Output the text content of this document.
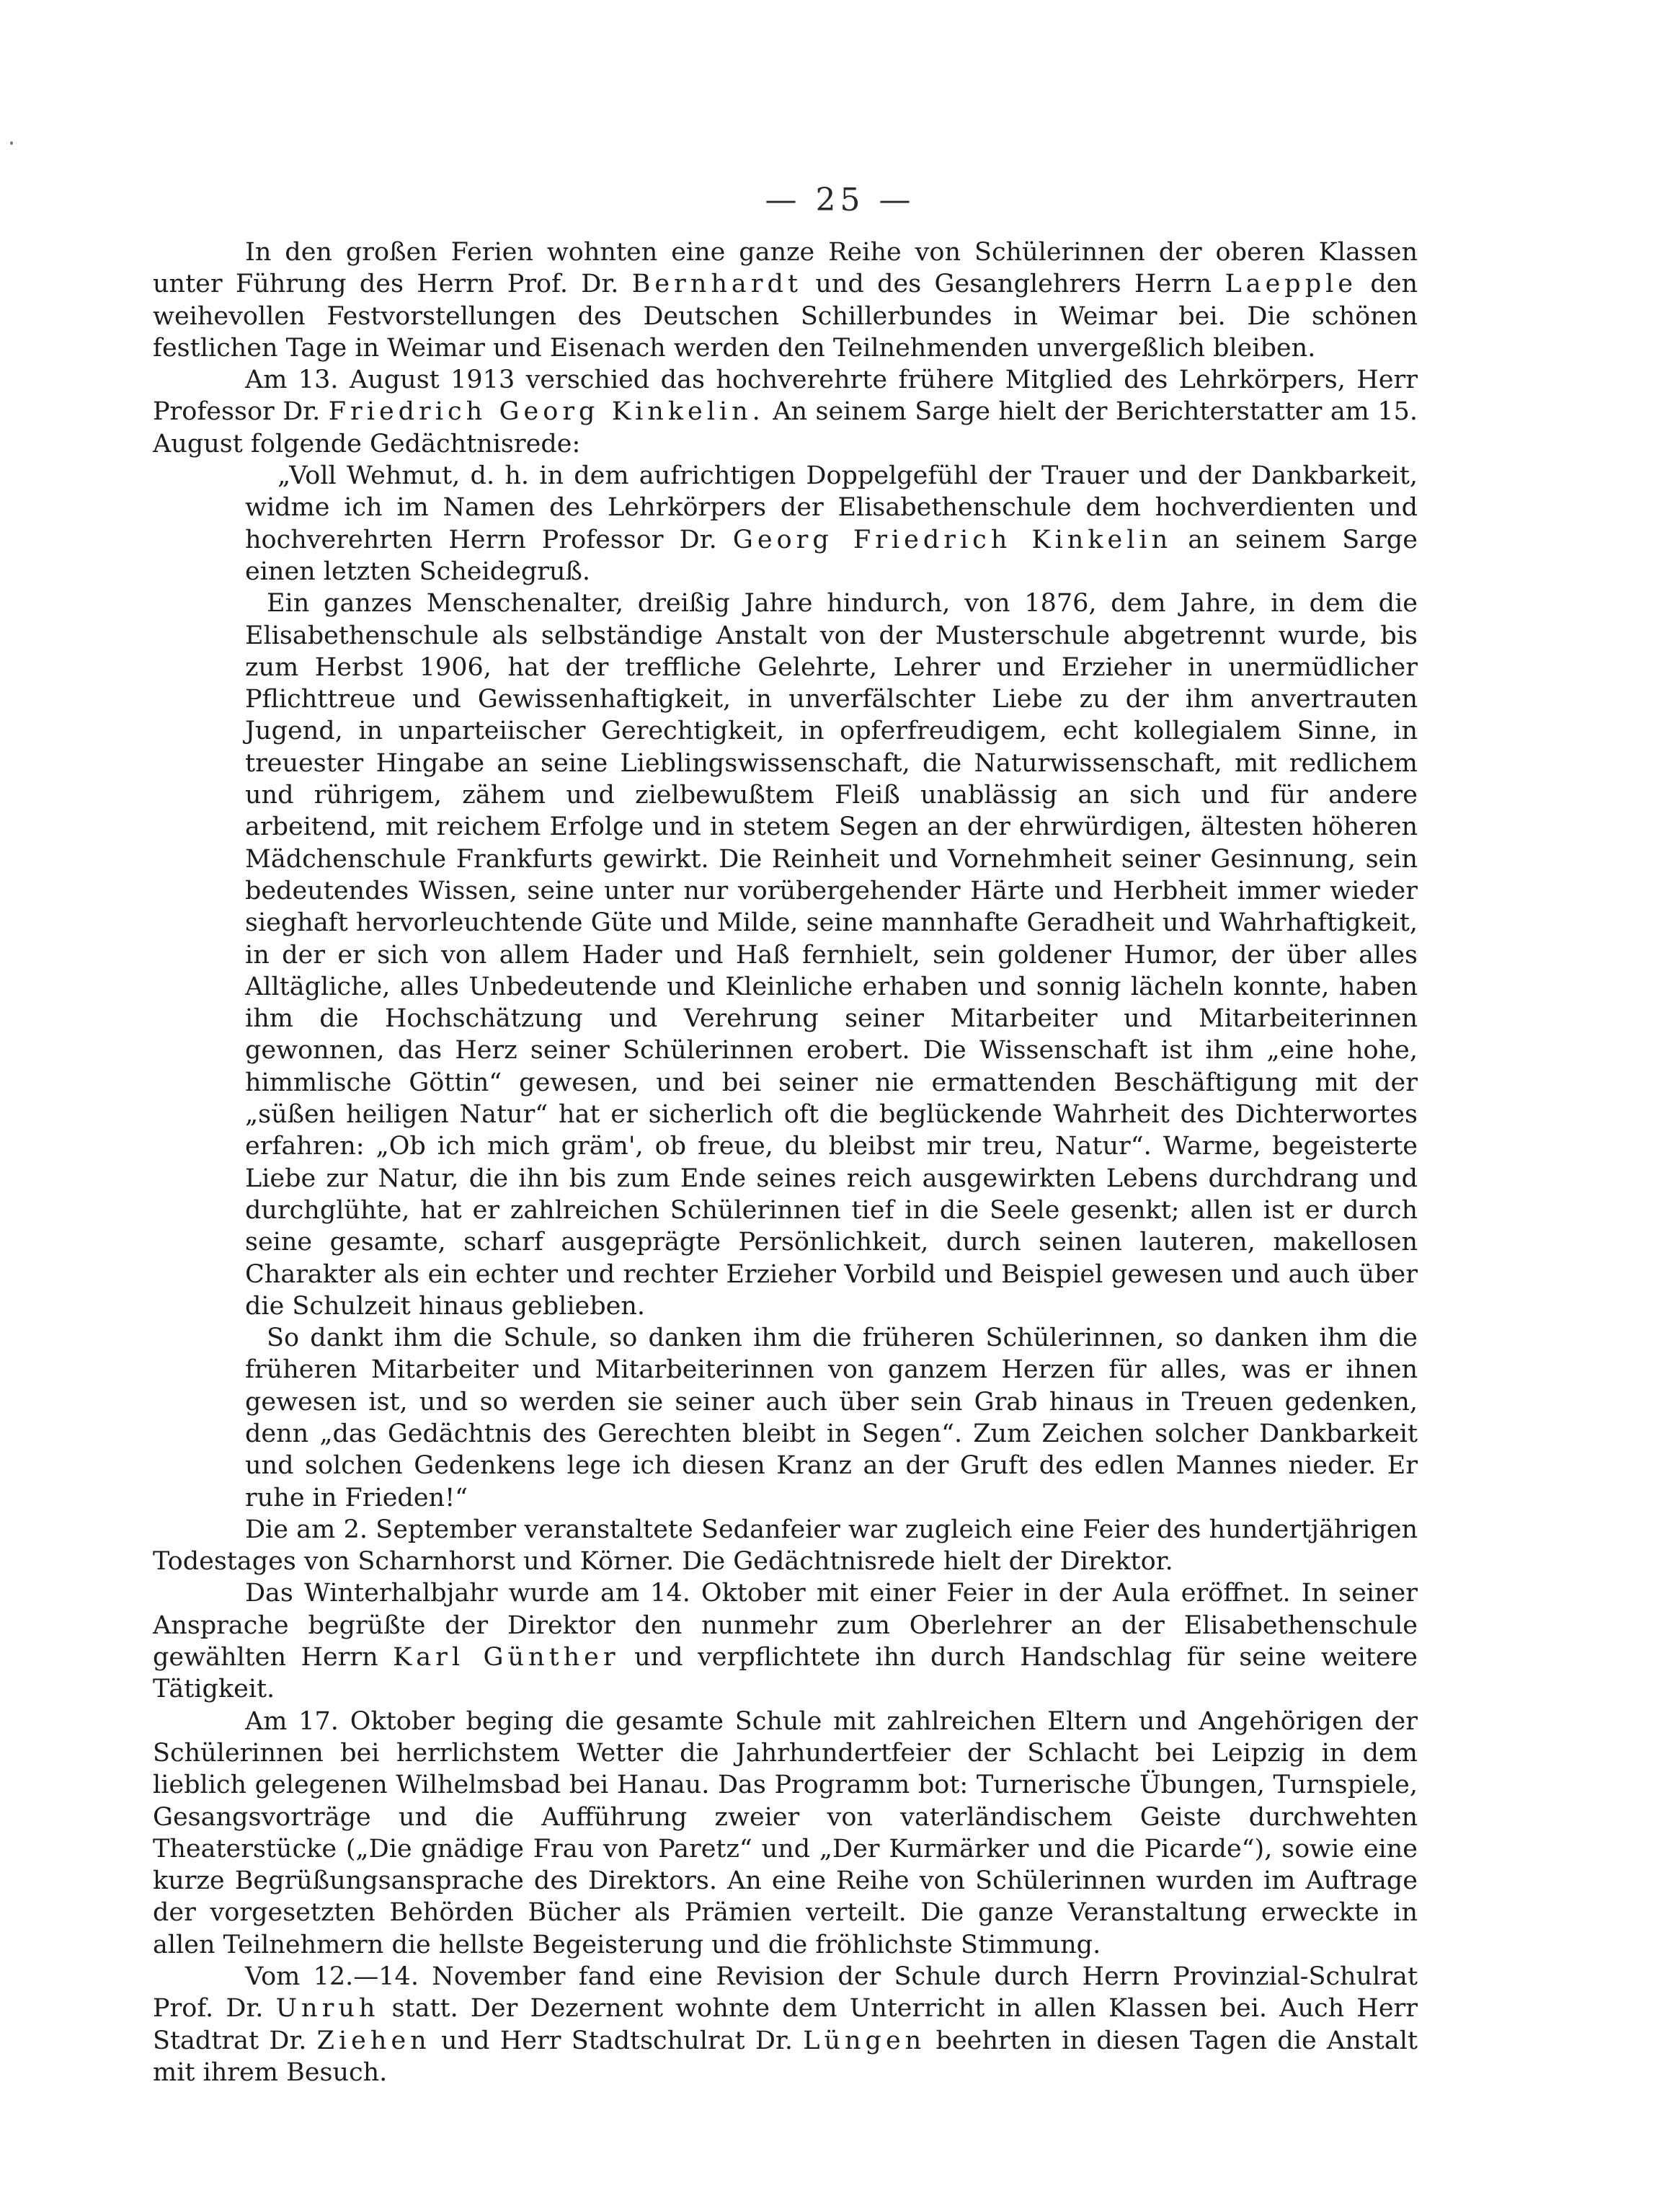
— 25 —

In den großen Ferien wohnten eine ganze Reihe von Schülerinnen der oberen Klassen unter Führung des Herrn Prof. Dr. Bernhardt und des Gesanglehrers Herrn Laepple den weihevollen Festvorstellungen des Deutschen Schillerbundes in Weimar bei. Die schönen festlichen Tage in Weimar und Eisenach werden den Teilnehmenden unvergeßlich bleiben.

Am 13. August 1913 verschied das hochverehrte frühere Mitglied des Lehrkörpers, Herr Professor Dr. Friedrich Georg Kinkelin. An seinem Sarge hielt der Berichterstatter am 15. August folgende Gedächtnisrede:

„Voll Wehmut, d. h. in dem aufrichtigen Doppelgefühl der Trauer und der Dankbarkeit, widme ich im Namen des Lehrkörpers der Elisabethenschule dem hochverdienten und hochverehrten Herrn Professor Dr. Georg Friedrich Kinkelin an seinem Sarge einen letzten Scheidegruß.

Ein ganzes Menschenalter, dreißig Jahre hindurch, von 1876, dem Jahre, in dem die Elisabethenschule als selbständige Anstalt von der Musterschule abgetrennt wurde, bis zum Herbst 1906, hat der treffliche Gelehrte, Lehrer und Erzieher in unermüdlicher Pflichttreue und Gewissenhaftigkeit, in unverfälschter Liebe zu der ihm anvertrauten Jugend, in unparteiischer Gerechtigkeit, in opferfreudigem, echt kollegialem Sinne, in treuester Hingabe an seine Lieblingswissenschaft, die Naturwissenschaft, mit redlichem und rührigem, zähem und zielbewußtem Fleiß unablässig an sich und für andere arbeitend, mit reichem Erfolge und in stetem Segen an der ehrwürdigen, ältesten höheren Mädchenschule Frankfurts gewirkt. Die Reinheit und Vornehmheit seiner Gesinnung, sein bedeutendes Wissen, seine unter nur vorübergehender Härte und Herbheit immer wieder sieghaft hervorleuchtende Güte und Milde, seine mannhafte Geradheit und Wahrhaftigkeit, in der er sich von allem Hader und Haß fernhielt, sein goldener Humor, der über alles Alltägliche, alles Unbedeutende und Kleinliche erhaben und sonnig lächeln konnte, haben ihm die Hochschätzung und Verehrung seiner Mitarbeiter und Mitarbeiterinnen gewonnen, das Herz seiner Schülerinnen erobert. Die Wissenschaft ist ihm „eine hohe, himmlische Göttin“ gewesen, und bei seiner nie ermattenden Beschäftigung mit der „süßen heiligen Natur“ hat er sicherlich oft die beglückende Wahrheit des Dichterwortes erfahren: „Ob ich mich gräm', ob freue, du bleibst mir treu, Natur“. Warme, begeisterte Liebe zur Natur, die ihn bis zum Ende seines reich ausgewirkten Lebens durchdrang und durchglühte, hat er zahlreichen Schülerinnen tief in die Seele gesenkt; allen ist er durch seine gesamte, scharf ausgeprägte Persönlichkeit, durch seinen lauteren, makellosen Charakter als ein echter und rechter Erzieher Vorbild und Beispiel gewesen und auch über die Schulzeit hinaus geblieben.

So dankt ihm die Schule, so danken ihm die früheren Schülerinnen, so danken ihm die früheren Mitarbeiter und Mitarbeiterinnen von ganzem Herzen für alles, was er ihnen gewesen ist, und so werden sie seiner auch über sein Grab hinaus in Treuen gedenken, denn „das Gedächtnis des Gerechten bleibt in Segen“. Zum Zeichen solcher Dankbarkeit und solchen Gedenkens lege ich diesen Kranz an der Gruft des edlen Mannes nieder. Er ruhe in Frieden!“

Die am 2. September veranstaltete Sedanfeier war zugleich eine Feier des hundertjährigen Todestages von Scharnhorst und Körner. Die Gedächtnisrede hielt der Direktor.

Das Winterhalbjahr wurde am 14. Oktober mit einer Feier in der Aula eröffnet. In seiner Ansprache begrüßte der Direktor den nunmehr zum Oberlehrer an der Elisabethenschule gewählten Herrn Karl Günther und verpflichtete ihn durch Handschlag für seine weitere Tätigkeit.

Am 17. Oktober beging die gesamte Schule mit zahlreichen Eltern und Angehörigen der Schülerinnen bei herrlichstem Wetter die Jahrhundertfeier der Schlacht bei Leipzig in dem lieblich gelegenen Wilhelmsbad bei Hanau. Das Programm bot: Turnerische Übungen, Turnspiele, Gesangsvorträge und die Aufführung zweier von vaterländischem Geiste durchwehten Theaterstücke („Die gnädige Frau von Paretz“ und „Der Kurmärker und die Picarde“), sowie eine kurze Begrüßungsansprache des Direktors. An eine Reihe von Schülerinnen wurden im Auftrage der vorgesetzten Behörden Bücher als Prämien verteilt. Die ganze Veranstaltung erweckte in allen Teilnehmern die hellste Begeisterung und die fröhlichste Stimmung.

Vom 12.—14. November fand eine Revision der Schule durch Herrn Provinzial-Schulrat Prof. Dr. Unruh statt. Der Dezernent wohnte dem Unterricht in allen Klassen bei. Auch Herr Stadtrat Dr. Ziehen und Herr Stadtschulrat Dr. Lüngen beehrten in diesen Tagen die Anstalt mit ihrem Besuch.
